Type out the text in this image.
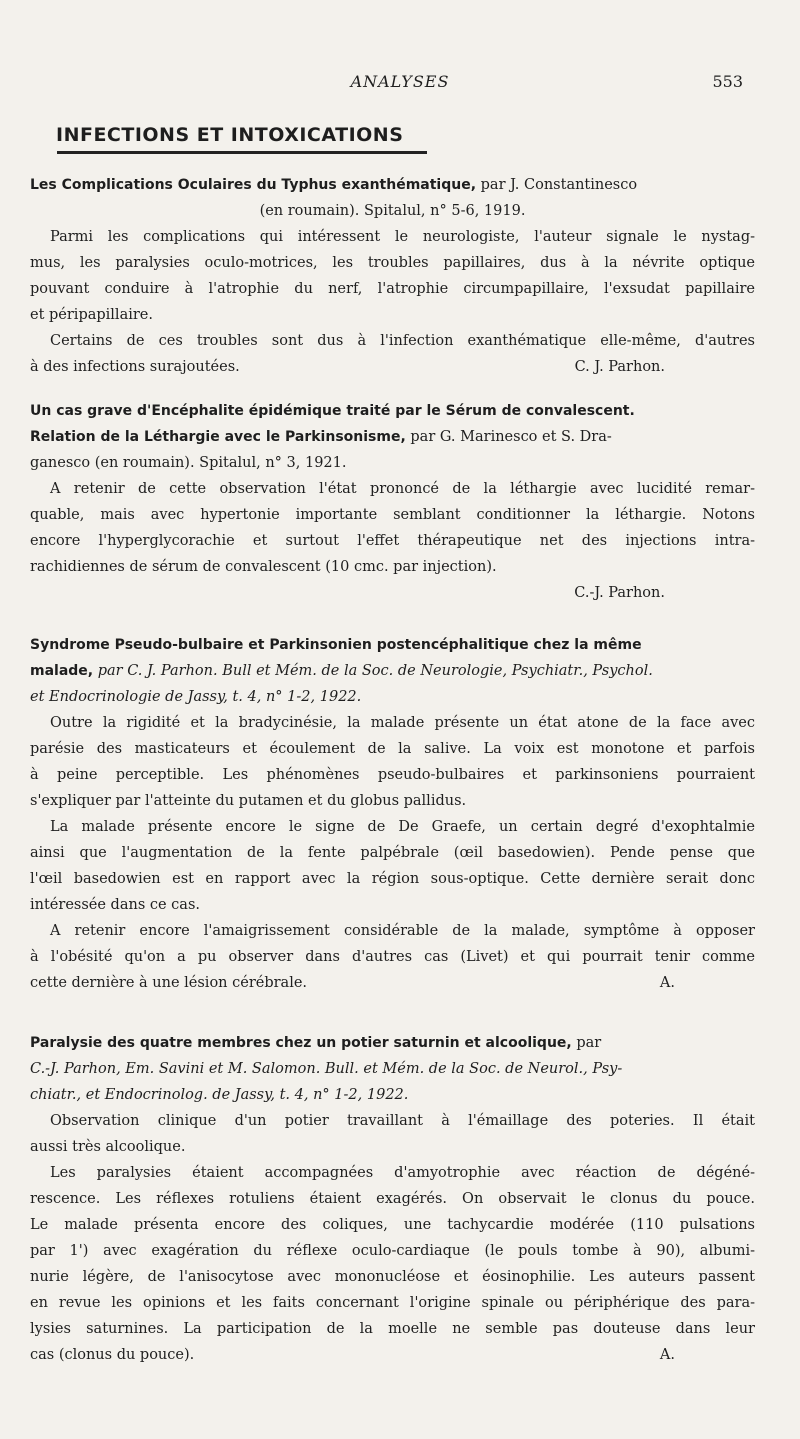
ANALYSES	553
INFECTIONS ET INTOXICATIONS
Les Complications Oculaires du Typhus exanthématique, par J. Constantinesco
(en roumain). Spitalul, n° 5-6, 1919.
Parmi les complications qui intéressent le neurologiste, l'auteur signale le nystag-
mus, les paralysies oculo-motrices, les troubles papillaires, dus à la névrite optique
pouvant conduire à l'atrophie du nerf, l'atrophie circumpapillaire, l'exsudat papillaire
et péripapillaire.
Certains de ces troubles sont dus à l'infection exanthématique elle-même, d'autres
à des infections surajoutées.	C. J. Parhon.
Un cas grave d'Encéphalite épidémique traité par le Sérum de convalescent.
Relation de la Léthargie avec le Parkinsonisme, par G. Marinesco et S. Dra-
ganesco (en roumain). Spitalul, n° 3, 1921.
A retenir de cette observation l'état prononcé de la léthargie avec lucidité remar-
quable, mais avec hypertonie importante semblant conditionner la léthargie. Notons
encore l'hyperglycorachie et surtout l'effet thérapeutique net des injections intra-
rachidiennes de sérum de convalescent (10 cmc. par injection).
C.-J. Parhon.
Syndrome Pseudo-bulbaire et Parkinsonien postencéphalitique chez la même
malade, par C. J. Parhon. Bull et Mém. de la Soc. de Neurologie, Psychiatr., Psychol.
et Endocrinologie de Jassy, t. 4, n° 1-2, 1922.
Outre la rigidité et la bradycinésie, la malade présente un état atone de la face avec
parésie des masticateurs et écoulement de la salive. La voix est monotone et parfois
à peine perceptible. Les phénomènes pseudo-bulbaires et parkinsoniens pourraient
s'expliquer par l'atteinte du putamen et du globus pallidus.
La malade présente encore le signe de De Graefe, un certain degré d'exophtalmie
ainsi que l'augmentation de la fente palpébrale (œil basedowien). Pende pense que
l'œil basedowien est en rapport avec la région sous-optique. Cette dernière serait donc
intéressée dans ce cas.
A retenir encore l'amaigrissement considérable de la malade, symptôme à opposer
à l'obésité qu'on a pu observer dans d'autres cas (Livet) et qui pourrait tenir comme
cette dernière à une lésion cérébrale.	A.
Paralysie des quatre membres chez un potier saturnin et alcoolique, par
C.-J. Parhon, Em. Savini et M. Salomon. Bull. et Mém. de la Soc. de Neurol., Psy-
chiatr., et Endocrinolog. de Jassy, t. 4, n° 1-2, 1922.
Observation clinique d'un potier travaillant à l'émaillage des poteries. Il était
aussi très alcoolique.
Les paralysies étaient accompagnées d'amyotrophie avec réaction de dégéné-
rescence. Les réflexes rotuliens étaient exagérés. On observait le clonus du pouce.
Le malade présenta encore des coliques, une tachycardie modérée (110 pulsations
par 1') avec exagération du réflexe oculo-cardiaque (le pouls tombe à 90), albumi-
nurie légère, de l'anisocytose avec mononucléose et éosinophilie. Les auteurs passent
en revue les opinions et les faits concernant l'origine spinale ou périphérique des para-
lysies saturnines. La participation de la moelle ne semble pas douteuse dans leur
cas (clonus du pouce).	A.
